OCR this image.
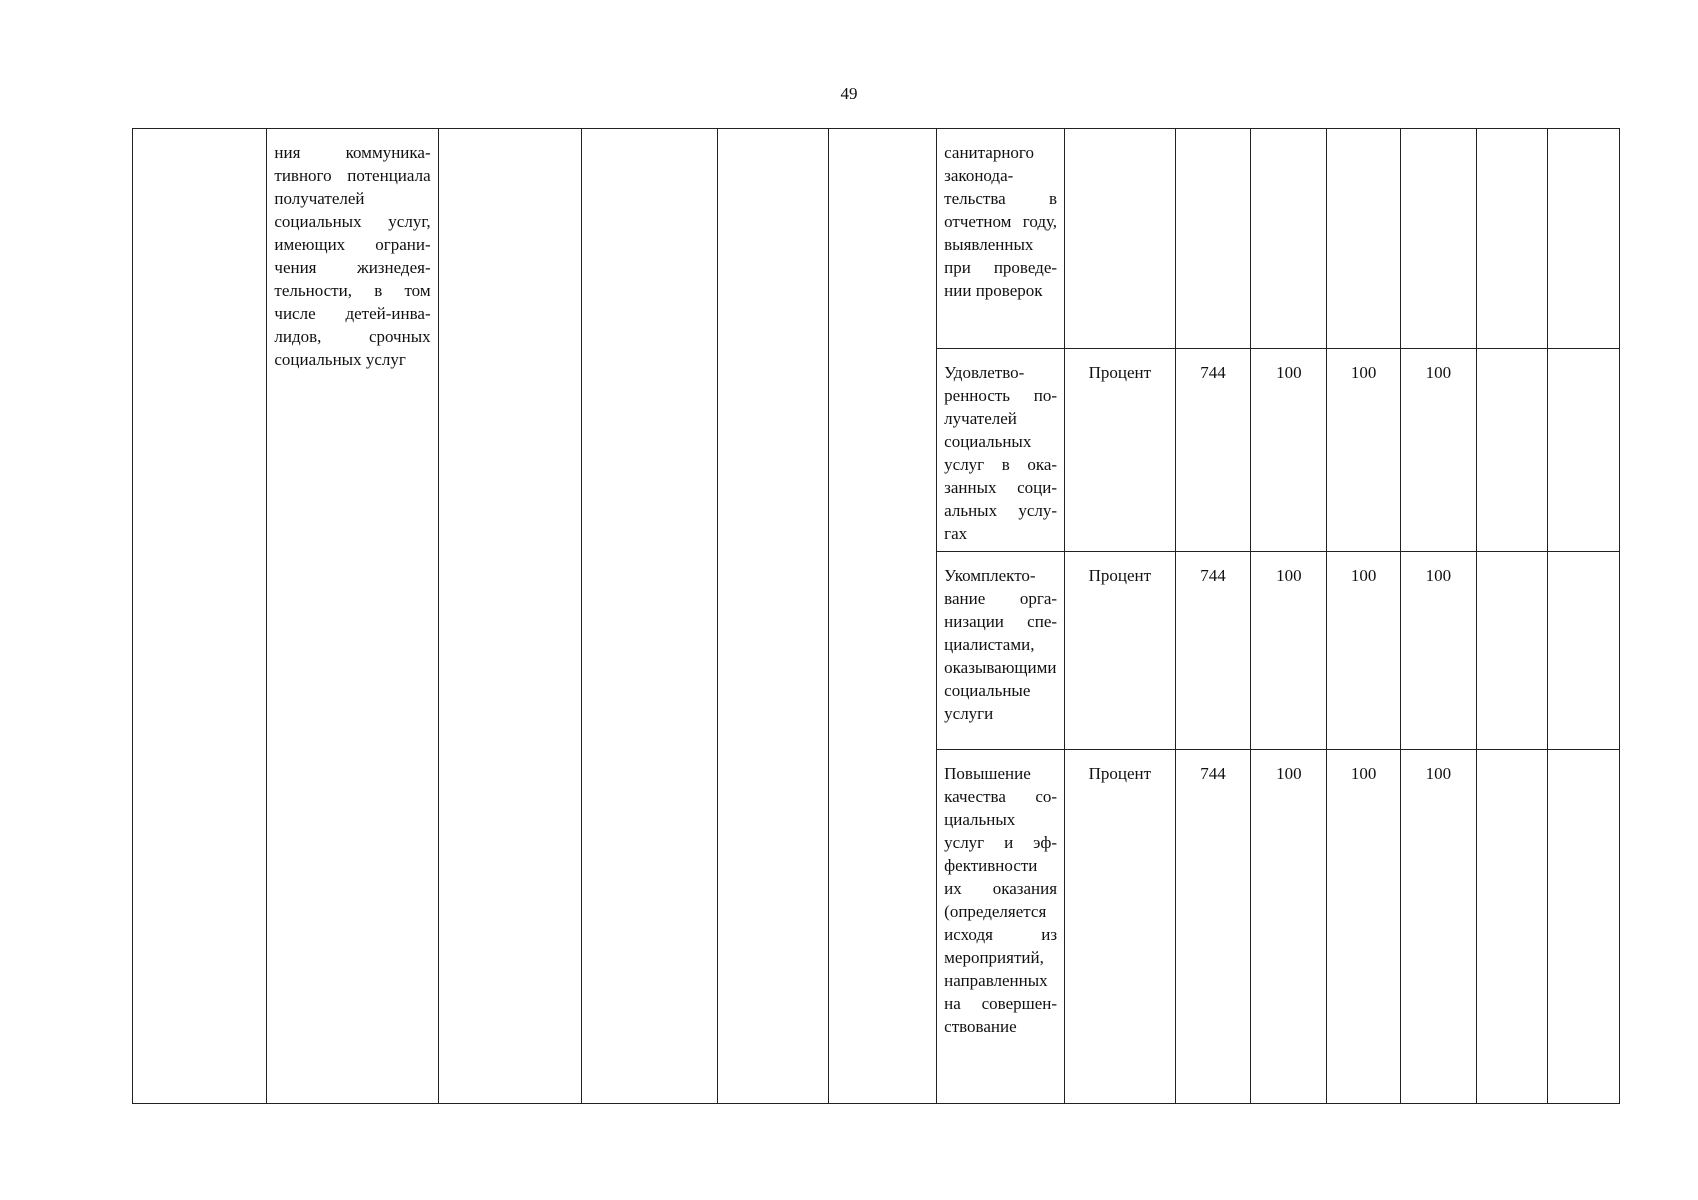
49
	ния коммуникативного потенциала получателей социальных услуг, имеющих ограничения жизнедеятельности, в том числе детей-инвалидов, срочных социальных услуг					санитарного законодательства в отчетном году, выявленных при проведении проверок							
						Удовлетворенность получателей социальных услуг в оказанных социальных услугах	Процент	744	100	100	100		
						Укомплектование организации специалистами, оказывающими социальные услуги	Процент	744	100	100	100		
						Повышение качества социальных услуг и эффективности их оказания (определяется исходя из мероприятий, направленных на совершенствование	Процент	744	100	100	100		
